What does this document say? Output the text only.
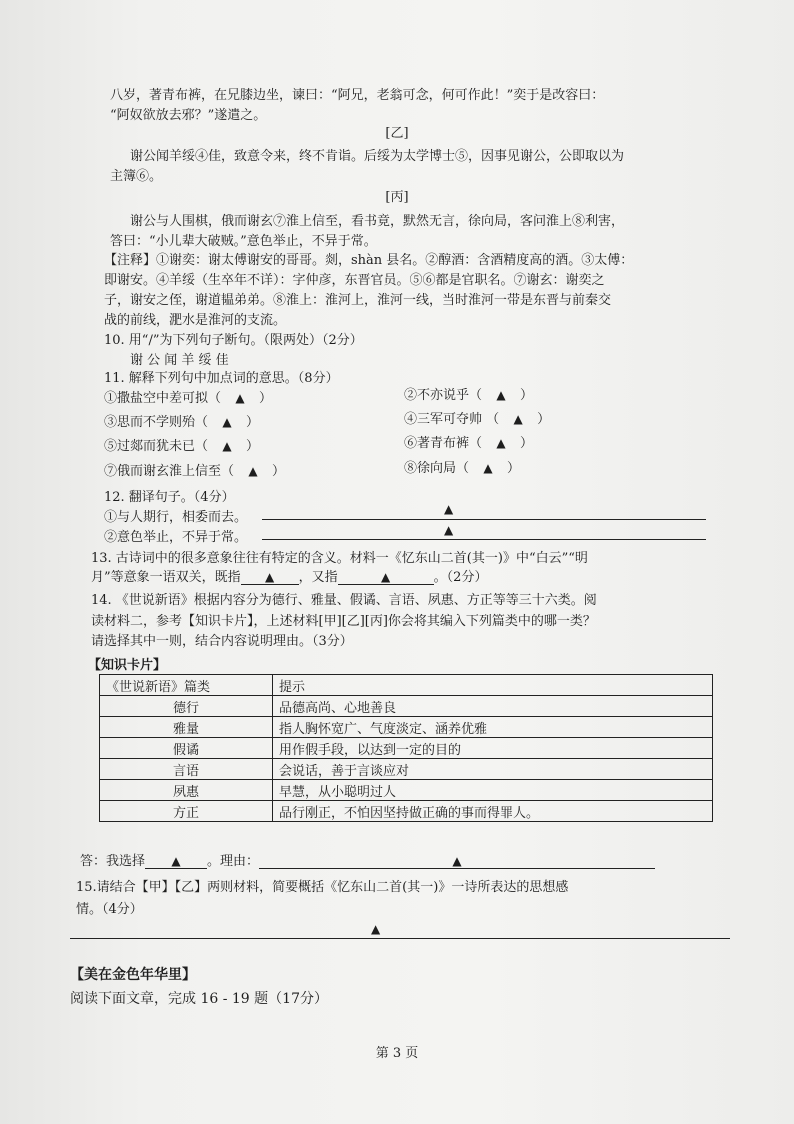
八岁，著青布裤，在兄膝边坐，谏曰：“阿兄，老翁可念，何可作此！”奕于是改容曰：
“阿奴欲放去邪？”遂遣之。
[乙]
谢公闻羊绥④佳，致意令来，终不肯诣。后绥为太学博士⑤，因事见谢公，公即取以为
主簿⑥。
[丙]
谢公与人围棋，俄而谢玄⑦淮上信至，看书竟，默然无言，徐向局，客问淮上⑧利害，
答曰：“小儿辈大破贼。”意色举止，不异于常。
【注释】①谢奕：谢太傅谢安的哥哥。剡，shàn 县名。②醇酒：含酒精度高的酒。③太傅：
即谢安。④羊绥（生卒年不详）：字仲彦，东晋官员。⑤⑥都是官职名。⑦谢玄：谢奕之
子，谢安之侄，谢道韫弟弟。⑧淮上：淮河上，淮河一线，当时淮河一带是东晋与前秦交
战的前线，淝水是淮河的支流。
10. 用“/”为下列句子断句。（限两处）（2分）
谢 公 闻 羊 绥 佳
11. 解释下列句中加点词的意思。（8分）
①撒盐空中差可拟（ ▲ ）	②不亦说乎（ ▲ ）
③思而不学则殆（ ▲ ）	④三军可夺帅 （ ▲ ）
⑤过郯而犹未已（ ▲ ）	⑥著青布裤（ ▲ ）
⑦俄而谢玄淮上信至（ ▲ ）	⑧徐向局（ ▲ ）
12. 翻译句子。（4分）
①与人期行，相委而去。
▲
②意色举止，不异于常。	▲
13. 古诗词中的很多意象往往有特定的含义。材料一《忆东山二首(其一)》中“白云”“明
月”等意象一语双关，既指 ▲ ，又指	▲	。（2分）
14. 《世说新语》根据内容分为德行、雅量、假谲、言语、夙惠、方正等等三十六类。阅
读材料二，参考【知识卡片】，上述材料[甲][乙][丙]你会将其编入下列篇类中的哪一类？
请选择其中一则，结合内容说明理由。（3分）
【知识卡片】
《世说新语》篇类	提示
德行	品德高尚、心地善良
雅量	指人胸怀宽广、气度淡定、涵养优雅
假谲	用作假手段，以达到一定的目的
言语	会说话，善于言谈应对
夙惠	早慧，从小聪明过人
方正	品行刚正，不怕因坚持做正确的事而得罪人。
答：我选择 ▲ 。理由：	▲
15.请结合【甲】【乙】两则材料，简要概括《忆东山二首(其一)》一诗所表达的思想感
情。（4分）
▲
【美在金色年华里】
阅读下面文章，完成 16 - 19 题（17分）
第 3 页
